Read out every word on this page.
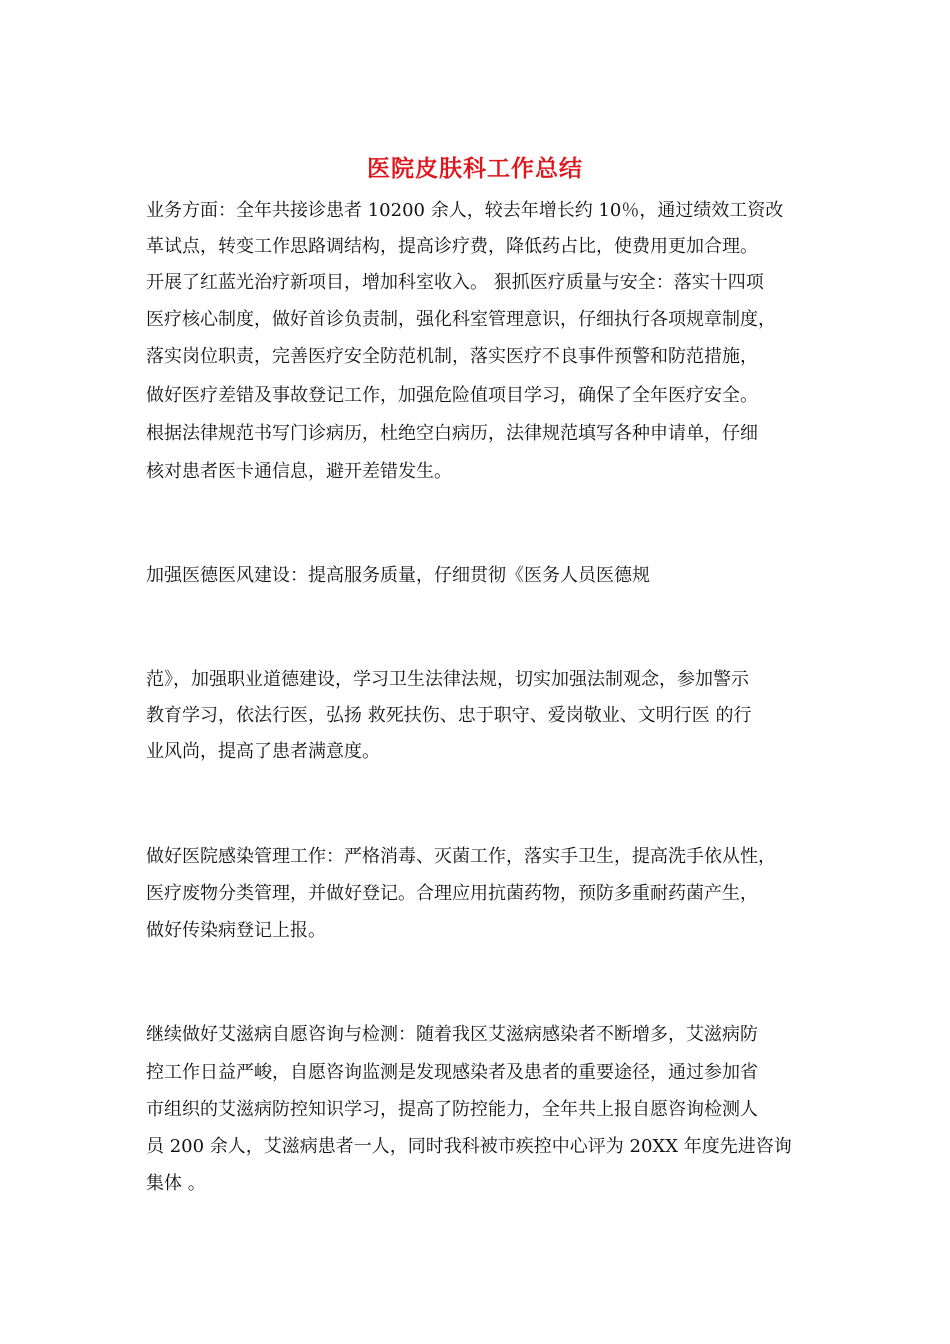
医院皮肤科工作总结
业务方面：全年共接诊患者 10200 余人，较去年增长约 10％，通过绩效工资改
革试点，转变工作思路调结构，提高诊疗费，降低药占比，使费用更加合理。
开展了红蓝光治疗新项目，增加科室收入。 狠抓医疗质量与安全：落实十四项
医疗核心制度，做好首诊负责制，强化科室管理意识，仔细执行各项规章制度，
落实岗位职责，完善医疗安全防范机制，落实医疗不良事件预警和防范措施，
做好医疗差错及事故登记工作，加强危险值项目学习，确保了全年医疗安全。
根据法律规范书写门诊病历，杜绝空白病历，法律规范填写各种申请单，仔细
核对患者医卡通信息，避开差错发生。
加强医德医风建设：提高服务质量，仔细贯彻《医务人员医德规
范》，加强职业道德建设，学习卫生法律法规，切实加强法制观念，参加警示
教育学习，依法行医，弘扬 救死扶伤、忠于职守、爱岗敬业、文明行医 的行
业风尚，提高了患者满意度。
做好医院感染管理工作：严格消毒、灭菌工作，落实手卫生，提高洗手依从性，
医疗废物分类管理，并做好登记。合理应用抗菌药物，预防多重耐药菌产生，
做好传染病登记上报。
继续做好艾滋病自愿咨询与检测：随着我区艾滋病感染者不断增多，艾滋病防
控工作日益严峻，自愿咨询监测是发现感染者及患者的重要途径，通过参加省
市组织的艾滋病防控知识学习，提高了防控能力，全年共上报自愿咨询检测人
员 200 余人，艾滋病患者一人，同时我科被市疾控中心评为 20XX 年度先进咨询
集体 。
